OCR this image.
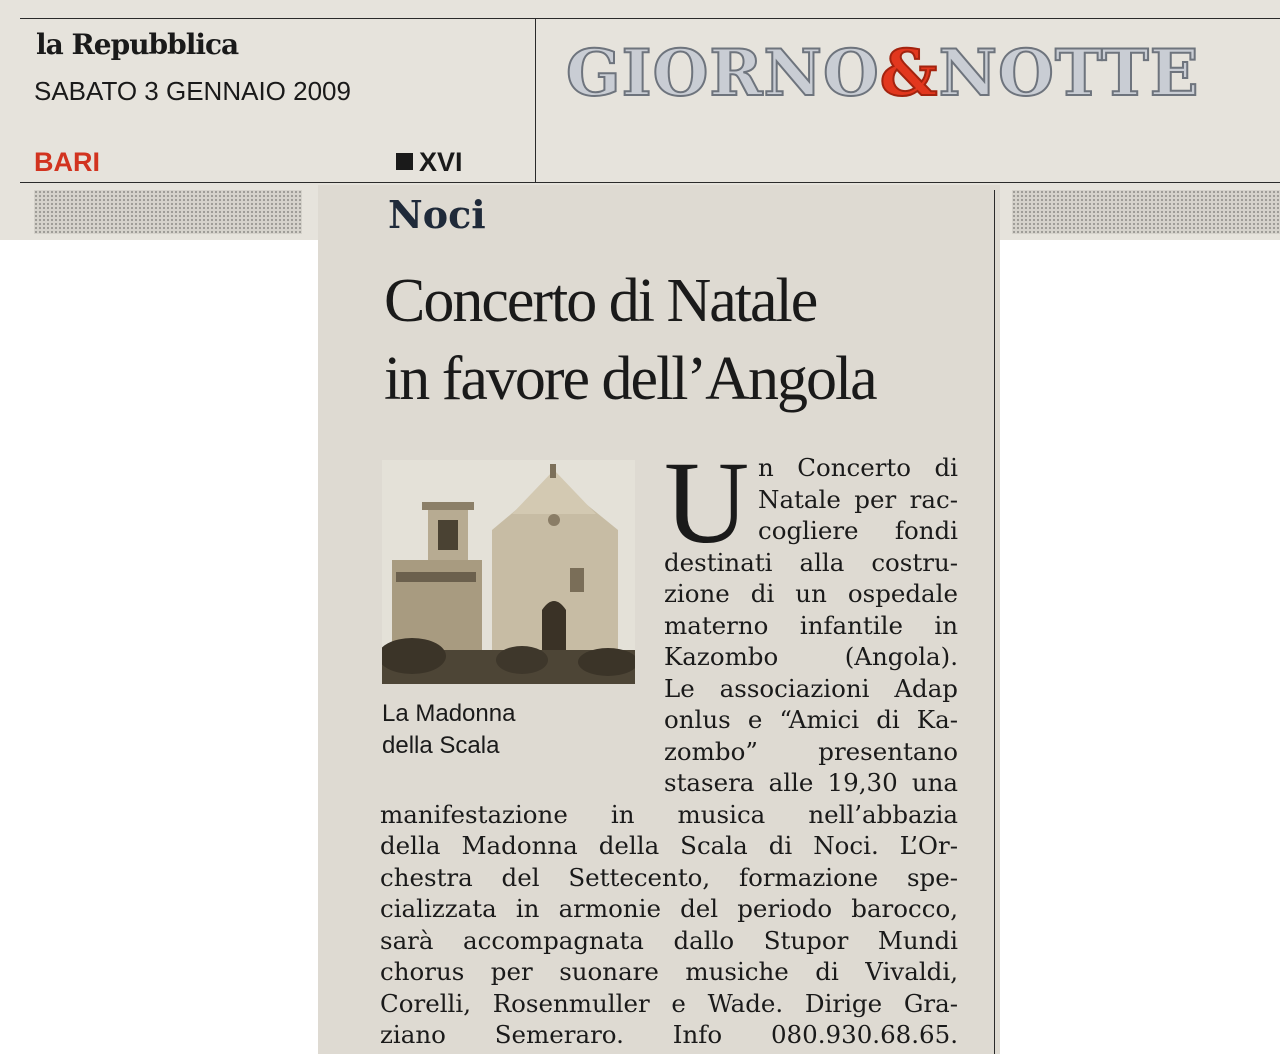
la Repubblica
SABATO 3 GENNAIO 2009
BARI	XVI
GIORNO&NOTTE
Noci
Concerto di Natale
in favore dell’Angola
La Madonna
della Scala
U n Concerto di
Natale per rac-
cogliere fondi
destinati alla costru-
zione di un ospedale
materno infantile in
Kazombo (Angola).
Le associazioni Adap
onlus e “Amici di Ka-
zombo” presentano
stasera alle 19,30 una
manifestazione in musica nell’abbazia
della Madonna della Scala di Noci. L’Or-
chestra del Settecento, formazione spe-
cializzata in armonie del periodo barocco,
sarà accompagnata dallo Stupor Mundi
chorus per suonare musiche di Vivaldi,
Corelli, Rosenmuller e Wade. Dirige Gra-
ziano Semeraro. Info 080.930.68.65.
